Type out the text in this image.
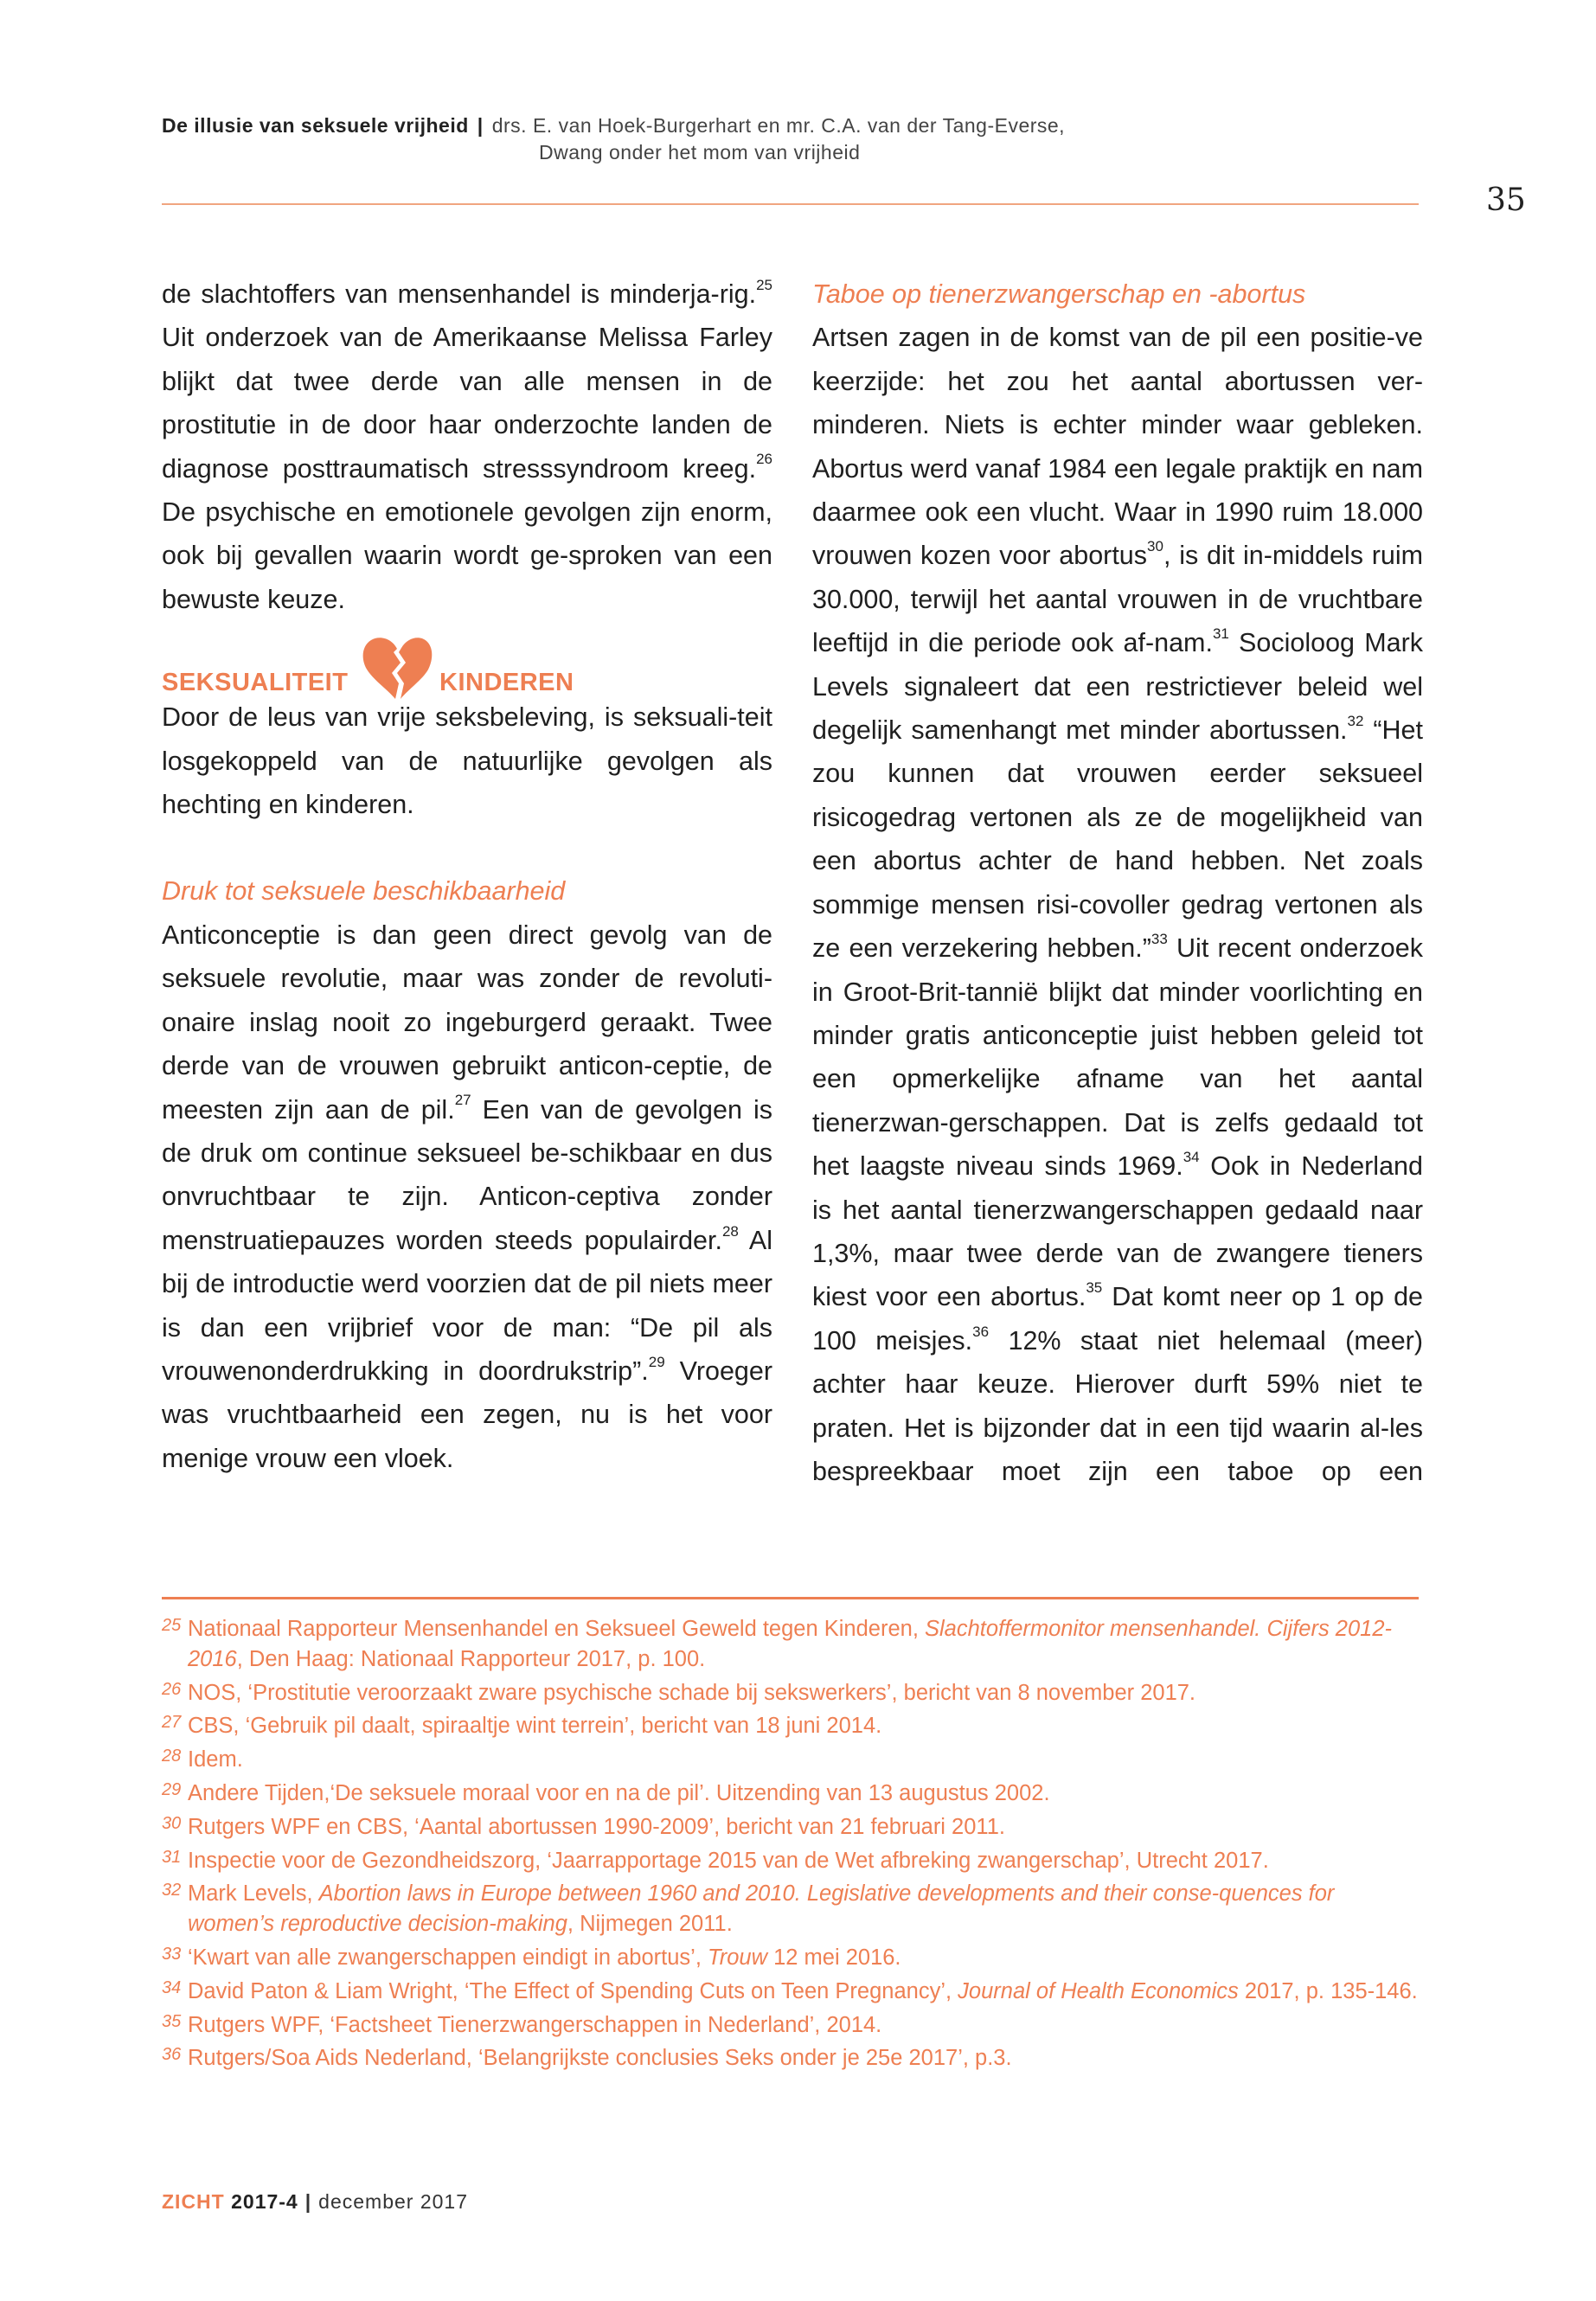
De illusie van seksuele vrijheid | drs. E. van Hoek-Burgerhart en mr. C.A. van der Tang-Everse,
Dwang onder het mom van vrijheid
35

de slachtoffers van mensenhandel is minderja-rig.$^{25}$ Uit onderzoek van de Amerikaanse Melissa Farley blijkt dat twee derde van alle mensen in de prostitutie in de door haar onderzochte landen de diagnose posttraumatisch stresssyndroom kreeg.$^{26}$ De psychische en emotionele gevolgen zijn enorm, ook bij gevallen waarin wordt ge-sproken van een bewuste keuze.

SEKSUALITEIT	KINDEREN

Door de leus van vrije seksbeleving, is seksuali-teit losgekoppeld van de natuurlijke gevolgen als hechting en kinderen.

Druk tot seksuele beschikbaarheid

Anticonceptie is dan geen direct gevolg van de seksuele revolutie, maar was zonder de revoluti-onaire inslag nooit zo ingeburgerd geraakt. Twee derde van de vrouwen gebruikt anticon-ceptie, de meesten zijn aan de pil.$^{27}$ Een van de gevolgen is de druk om continue seksueel be-schikbaar en dus onvruchtbaar te zijn. Anticon-ceptiva zonder menstruatiepauzes worden steeds populairder.$^{28}$ Al bij de introductie werd voorzien dat de pil niets meer is dan een vrijbrief voor de man: “De pil als vrouwenonderdrukking in doordrukstrip”.$^{29}$ Vroeger was vruchtbaarheid een zegen, nu is het voor menige vrouw een vloek.

Taboe op tienerzwangerschap en -abortus

Artsen zagen in de komst van de pil een positie-ve keerzijde: het zou het aantal abortussen ver-minderen. Niets is echter minder waar gebleken. Abortus werd vanaf 1984 een legale praktijk en nam daarmee ook een vlucht. Waar in 1990 ruim 18.000 vrouwen kozen voor abortus$^{30}$, is dit in-middels ruim 30.000, terwijl het aantal vrouwen in de vruchtbare leeftijd in die periode ook af-nam.$^{31}$ Socioloog Mark Levels signaleert dat een restrictiever beleid wel degelijk samenhangt met minder abortussen.$^{32}$ “Het zou kunnen dat vrouwen eerder seksueel risicogedrag vertonen als ze de mogelijkheid van een abortus achter de hand hebben. Net zoals sommige mensen risi-covoller gedrag vertonen als ze een verzekering hebben.”$^{33}$ Uit recent onderzoek in Groot-Brit-tannië blijkt dat minder voorlichting en minder gratis anticonceptie juist hebben geleid tot een opmerkelijke afname van het aantal tienerzwan-gerschappen. Dat is zelfs gedaald tot het laagste niveau sinds 1969.34 Ook in Nederland is het aantal tienerzwangerschappen gedaald naar 1,3%, maar twee derde van de zwangere tieners kiest voor een abortus.$^{35}$ Dat komt neer op 1 op de 100 meisjes.$^{36}$ 12% staat niet helemaal (meer) achter haar keuze. Hierover durft 59% niet te praten. Het is bijzonder dat in een tijd waarin al-les bespreekbaar moet zijn een taboe op een

25 Nationaal Rapporteur Mensenhandel en Seksueel Geweld tegen Kinderen, Slachtoffermonitor mensenhandel. Cijfers 2012-2016, Den Haag: Nationaal Rapporteur 2017, p. 100.

26 NOS, ‘Prostitutie veroorzaakt zware psychische schade bij sekswerkers’, bericht van 8 november 2017.

27 CBS, ‘Gebruik pil daalt, spiraaltje wint terrein’, bericht van 18 juni 2014.

28 Idem.

29 Andere Tijden,‘De seksuele moraal voor en na de pil’. Uitzending van 13 augustus 2002.

30 Rutgers WPF en CBS, ‘Aantal abortussen 1990-2009’, bericht van 21 februari 2011.

31 Inspectie voor de Gezondheidszorg, ‘Jaarrapportage 2015 van de Wet afbreking zwangerschap’, Utrecht 2017.

32 Mark Levels, Abortion laws in Europe between 1960 and 2010. Legislative developments and their conse-quences for women’s reproductive decision-making, Nijmegen 2011.

33 ‘Kwart van alle zwangerschappen eindigt in abortus’, Trouw 12 mei 2016.

34 David Paton & Liam Wright, ‘The Effect of Spending Cuts on Teen Pregnancy’, Journal of Health Economics 2017, p. 135-146.

35 Rutgers WPF, ‘Factsheet Tienerzwangerschappen in Nederland’, 2014.

36 Rutgers/Soa Aids Nederland, ‘Belangrijkste conclusies Seks onder je 25e 2017’, p.3.

ZICHT 2017-4 | december 2017
